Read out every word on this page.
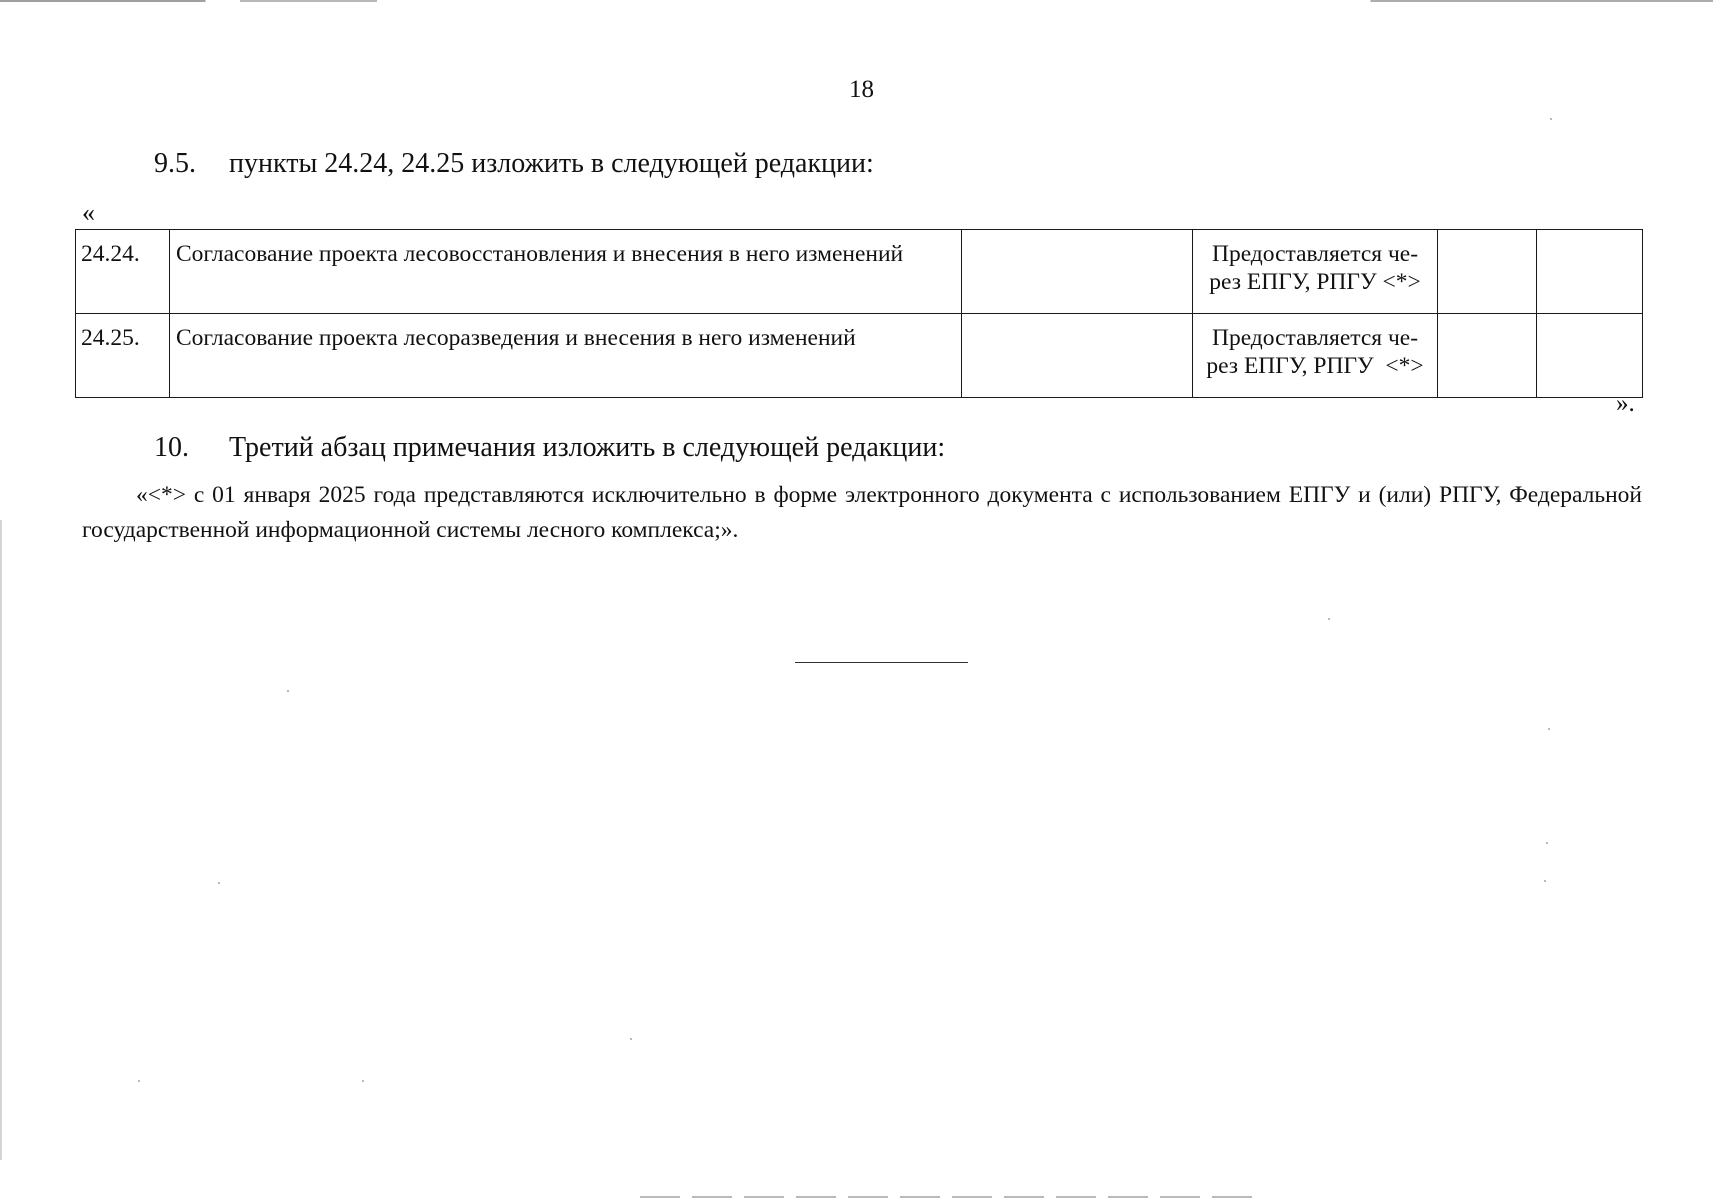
18
9.5. пункты 24.24, 24.25 изложить в следующей редакции:
«
24.24.	Согласование проекта лесовосстановления и внесения в него изменений		Предоставляется че-
рез ЕПГУ, РПГУ <*>		
24.25.	Согласование проекта лесоразведения и внесения в него изменений		Предоставляется че-
рез ЕПГУ, РПГУ  <*>		
».
10. Третий абзац примечания изложить в следующей редакции:
«<*> с 01 января 2025 года представляются исключительно в форме электронного документа с использованием ЕПГУ и (или) РПГУ, Федеральной государственной информационной системы лесного комплекса;».
